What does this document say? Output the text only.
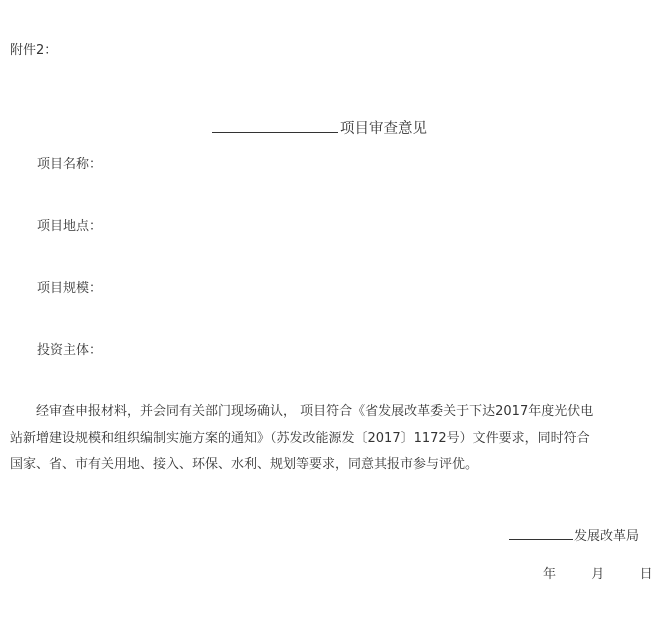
附件2：
项目审查意见
项目名称：
项目地点：
项目规模：
投资主体：
经审查申报材料，并会同有关部门现场确认， 项目符合《省发展改革委关于下达2017年度光伏电
站新增建设规模和组织编制实施方案的通知》（苏发改能源发〔2017〕1172号）文件要求，同时符合
国家、省、市有关用地、接入、环保、水利、规划等要求，同意其报市参与评优。
发展改革局
年	月	日
